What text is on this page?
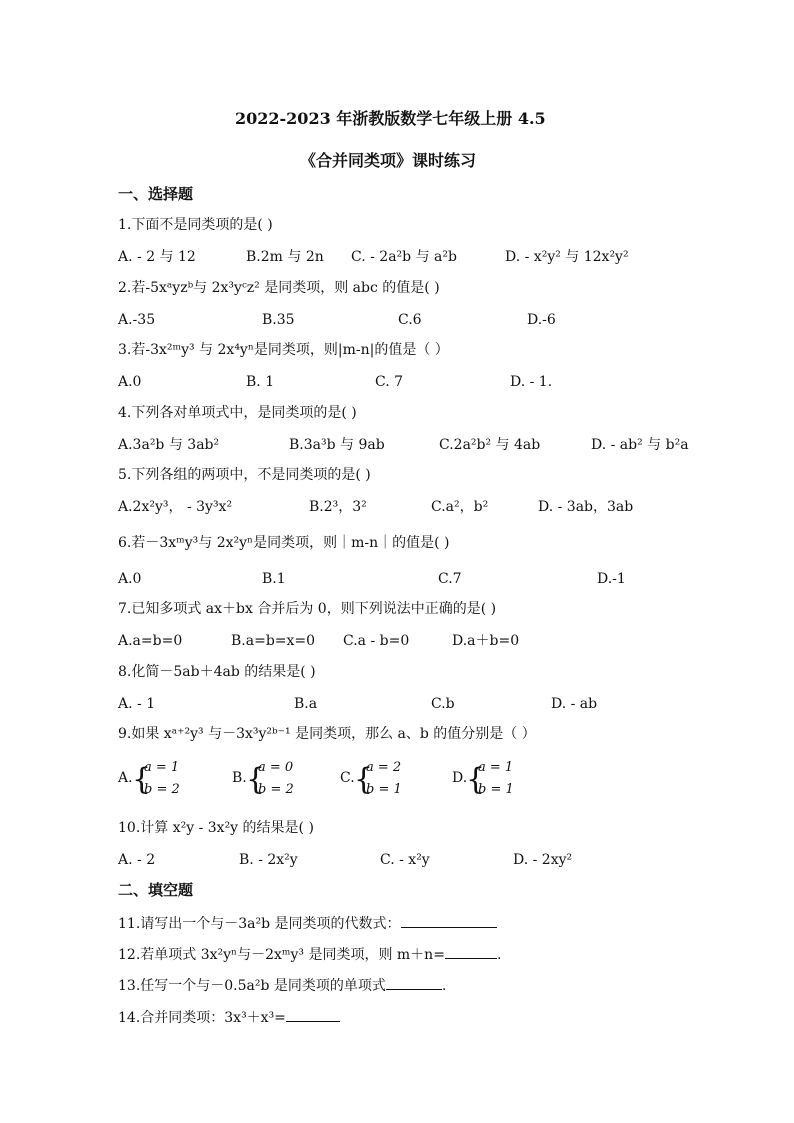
2022-2023 年浙教版数学七年级上册 4.5
《合并同类项》课时练习
一、选择题
1.下面不是同类项的是( )
A. - 2 与 12	B.2m 与 2n C. - 2a²b 与 a²b	D. - x²y² 与 12x²y²
2.若-5xᵃyzᵇ与 2x³yᶜz² 是同类项，则 abc 的值是( )
A.-35	B.35	C.6	D.-6
3.若-3x²ᵐy³ 与 2x⁴yⁿ是同类项，则|m-n|的值是（ ）
A.0	B. 1	C. 7	D. - 1.
4.下列各对单项式中，是同类项的是( )
A.3a²b 与 3ab²	B.3a³b 与 9ab	C.2a²b² 与 4ab	D. - ab² 与 b²a
5.下列各组的两项中，不是同类项的是( )
A.2x²y³， - 3y³x²	B.2³，3²	C.a²，b²	D. - 3ab，3ab
6.若－3xᵐy³与 2x²yⁿ是同类项，则｜m-n｜的值是( )
A.0	B.1	C.7	D.-1
7.已知多项式 ax＋bx 合并后为 0，则下列说法中正确的是( )
A.a=b=0	B.a=b=x=0 C.a - b=0	D.a＋b=0
8.化简－5ab＋4ab 的结果是( )
A. - 1	B.a	C.b	D. - ab
9.如果 xᵃ⁺²y³ 与－3x³y²ᵇ⁻¹ 是同类项，那么 a、b 的值分别是（ ）
A. {
a = 1
b = 2
B. {
a = 0
b = 2
C. {
a = 2
b = 1
D.
{
a = 1
b = 1
10.计算 x²y - 3x²y 的结果是( )
A. - 2	B. - 2x²y	C. - x²y	D. - 2xy²
二、填空题
11.请写出一个与－3a²b 是同类项的代数式：
12.若单项式 3x²yⁿ与－2xᵐy³ 是同类项，则 m＋n=	.
13.任写一个与－0.5a²b 是同类项的单项式	.
14.合并同类项：3x³＋x³=
